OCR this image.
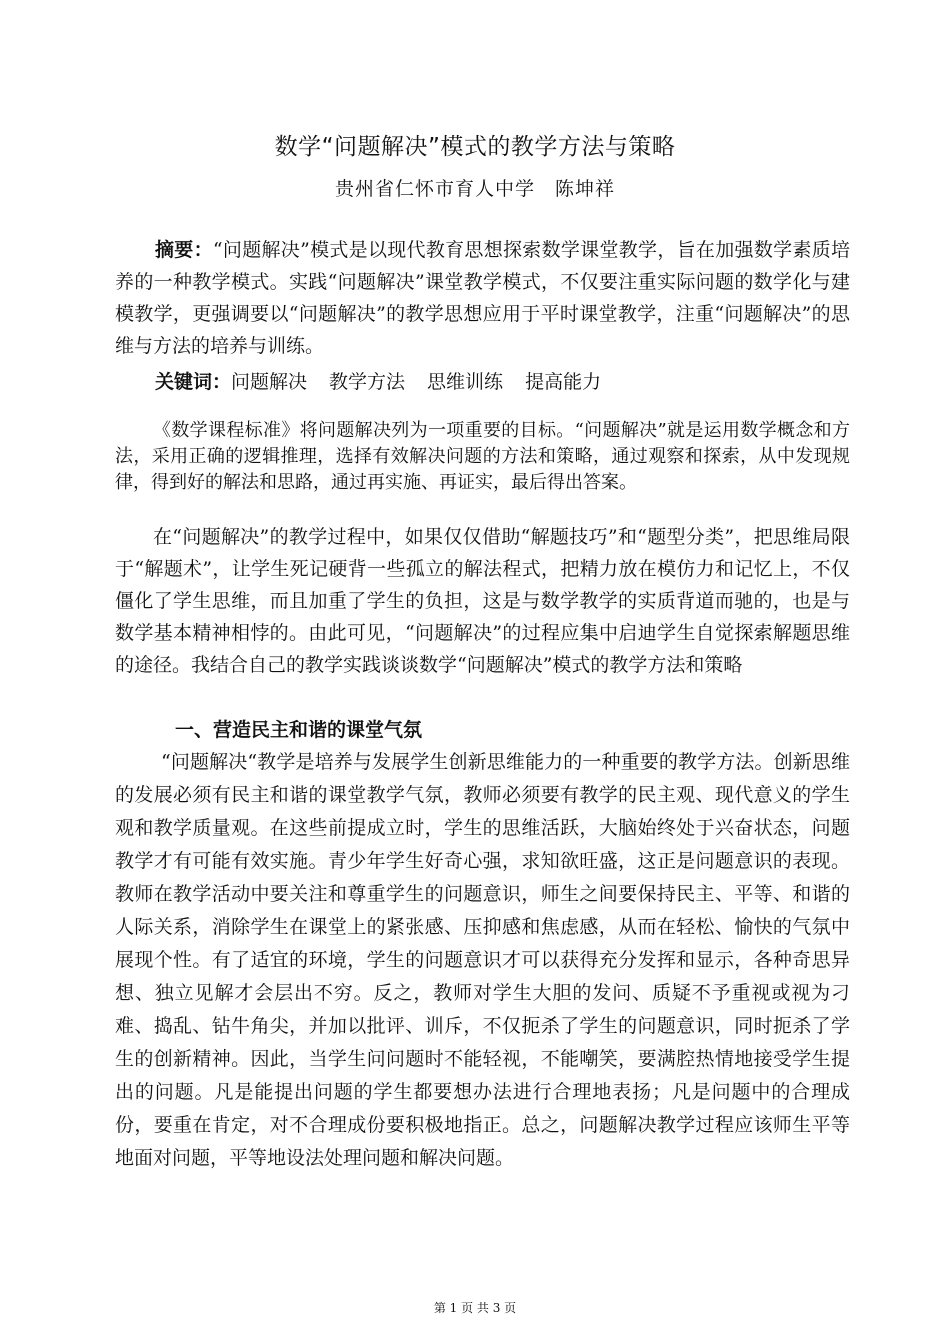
数学“问题解决”模式的教学方法与策略
贵州省仁怀市育人中学　陈坤祥
摘要：“问题解决”模式是以现代教育思想探索数学课堂教学，旨在加强数学素质培养的一种教学模式。实践“问题解决”课堂教学模式，不仅要注重实际问题的数学化与建模教学，更强调要以“问题解决”的教学思想应用于平时课堂教学，注重“问题解决”的思维与方法的培养与训练。
关键词：问题解决 教学方法 思维训练 提高能力
《数学课程标准》将问题解决列为一项重要的目标。“问题解决”就是运用数学概念和方法，采用正确的逻辑推理，选择有效解决问题的方法和策略，通过观察和探索，从中发现规律，得到好的解法和思路，通过再实施、再证实，最后得出答案。
在“问题解决”的教学过程中，如果仅仅借助“解题技巧”和“题型分类”，把思维局限于“解题术”，让学生死记硬背一些孤立的解法程式，把精力放在模仿力和记忆上，不仅僵化了学生思维，而且加重了学生的负担，这是与数学教学的实质背道而驰的，也是与数学基本精神相悖的。由此可见，“问题解决”的过程应集中启迪学生自觉探索解题思维的途径。我结合自己的教学实践谈谈数学“问题解决”模式的教学方法和策略
一、营造民主和谐的课堂气氛
“问题解决“教学是培养与发展学生创新思维能力的一种重要的教学方法。创新思维的发展必须有民主和谐的课堂教学气氛，教师必须要有教学的民主观、现代意义的学生观和教学质量观。在这些前提成立时，学生的思维活跃，大脑始终处于兴奋状态，问题教学才有可能有效实施。青少年学生好奇心强，求知欲旺盛，这正是问题意识的表现。教师在教学活动中要关注和尊重学生的问题意识，师生之间要保持民主、平等、和谐的人际关系，消除学生在课堂上的紧张感、压抑感和焦虑感，从而在轻松、愉快的气氛中展现个性。有了适宜的环境，学生的问题意识才可以获得充分发挥和显示，各种奇思异想、独立见解才会层出不穷。反之，教师对学生大胆的发问、质疑不予重视或视为刁难、捣乱、钻牛角尖，并加以批评、训斥，不仅扼杀了学生的问题意识，同时扼杀了学生的创新精神。因此，当学生问问题时不能轻视，不能嘲笑，要满腔热情地接受学生提出的问题。凡是能提出问题的学生都要想办法进行合理地表扬；凡是问题中的合理成份，要重在肯定，对不合理成份要积极地指正。总之，问题解决教学过程应该师生平等地面对问题，平等地设法处理问题和解决问题。
第 1 页 共 3 页
